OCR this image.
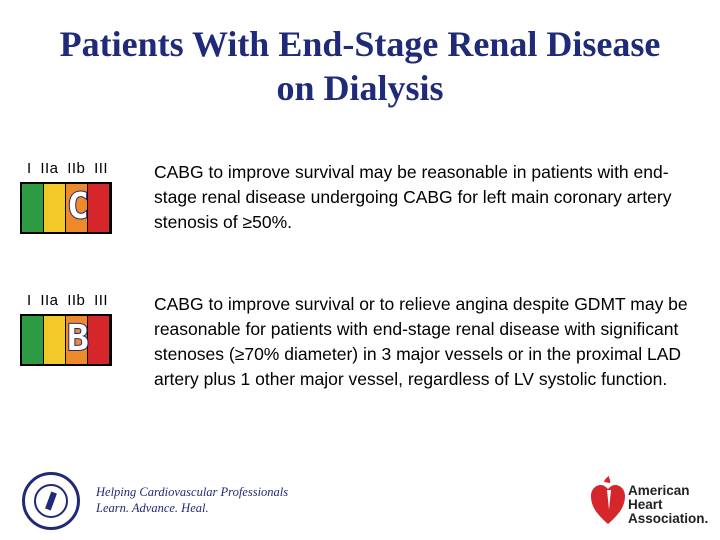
Patients With End-Stage Renal Disease
on Dialysis
I IIa IIb III
C
CABG to improve survival may be reasonable in patients with end-stage renal disease undergoing CABG for left main coronary artery stenosis of ≥50%.
I IIa IIb III
B
CABG to improve survival or to relieve angina despite GDMT may be reasonable for patients with end-stage renal disease with significant stenoses (≥70% diameter) in 3 major vessels or in the proximal LAD artery plus 1 other major vessel, regardless of LV systolic function.
Helping Cardiovascular Professionals
Learn. Advance. Heal.
American
Heart
Association.
